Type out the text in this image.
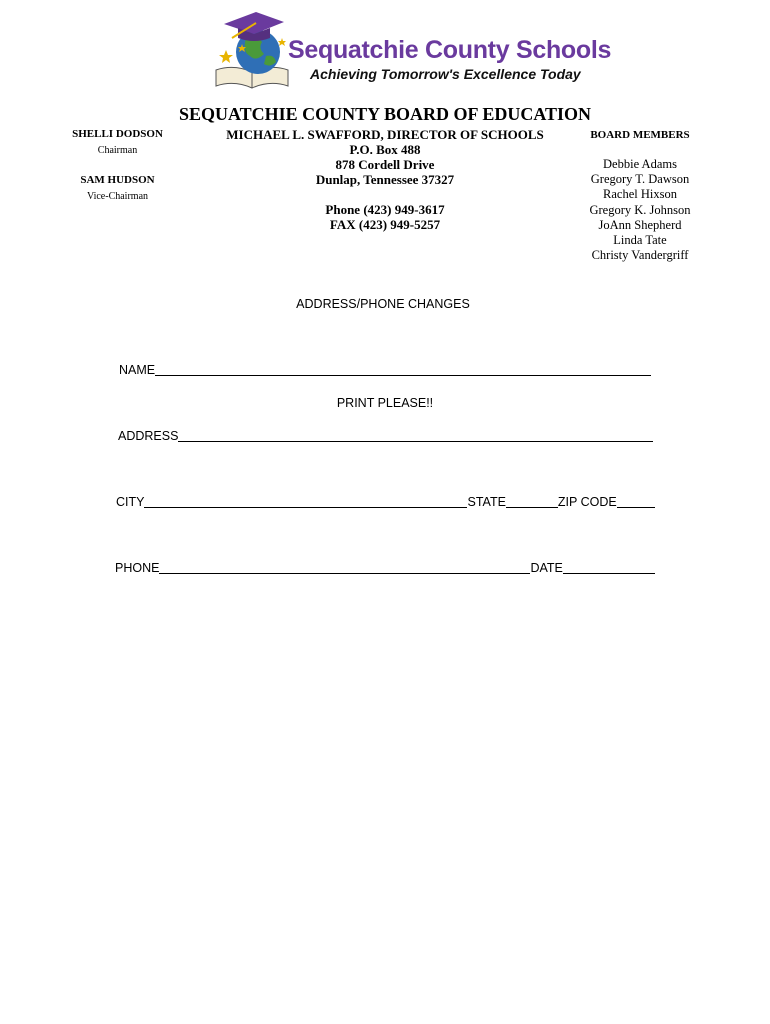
Sequatchie County Schools
Achieving Tomorrow's Excellence Today
SEQUATCHIE COUNTY BOARD OF EDUCATION
MICHAEL L. SWAFFORD, DIRECTOR OF SCHOOLS
P.O. Box 488
878 Cordell Drive
Dunlap, Tennessee 37327
Phone (423) 949-3617
FAX (423) 949-5257
SHELLI DODSON
Chairman
SAM HUDSON
Vice-Chairman
BOARD MEMBERS
Debbie Adams
Gregory T. Dawson
Rachel Hixson
Gregory K. Johnson
JoAnn Shepherd
Linda Tate
Christy Vandergriff
ADDRESS/PHONE CHANGES
NAME
PRINT PLEASE!!
ADDRESS
CITY	STATE	ZIP CODE
PHONE	DATE
